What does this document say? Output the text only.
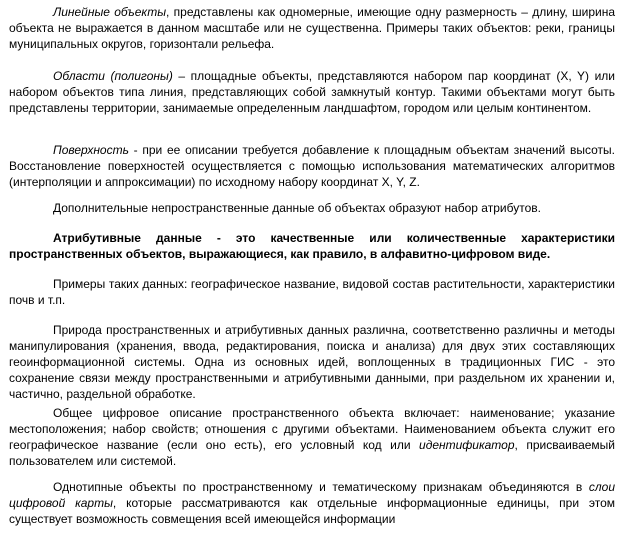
Линейные объекты, представлены как одномерные, имеющие одну размерность – длину, ширина объекта не выражается в данном масштабе или не существенна. Примеры таких объектов: реки, границы муниципальных округов, горизонтали рельефа.

Области (полигоны) – площадные объекты, представляются набором пар координат (X, Y) или набором объектов типа линия, представляющих собой замкнутый контур. Такими объектами могут быть представлены территории, занимаемые определенным ландшафтом, городом или целым континентом.

Поверхность - при ее описании требуется добавление к площадным объектам значений высоты. Восстановление поверхностей осуществляется с помощью использования математических алгоритмов (интерполяции и аппроксимации) по исходному набору координат X, Y, Z.

Дополнительные непространственные данные об объектах образуют набор атрибутов.

Атрибутивные данные - это качественные или количественные характеристики пространственных объектов, выражающиеся, как правило, в алфавитно-цифровом виде.

Примеры таких данных: географическое название, видовой состав растительности, характеристики почв и т.п.

Природа пространственных и атрибутивных данных различна, соответственно различны и методы манипулирования (хранения, ввода, редактирования, поиска и анализа) для двух этих составляющих геоинформационной системы. Одна из основных идей, воплощенных в традиционных ГИС - это сохранение связи между пространственными и атрибутивными данными, при раздельном их хранении и, частично, раздельной обработке.

Общее цифровое описание пространственного объекта включает: наименование; указание местоположения; набор свойств; отношения с другими объектами. Наименованием объекта служит его географическое название (если оно есть), его условный код или идентификатор, присваиваемый пользователем или системой.

Однотипные объекты по пространственному и тематическому признакам объединяются в слои цифровой карты, которые рассматриваются как отдельные информационные единицы, при этом существует возможность совмещения всей имеющейся информации
